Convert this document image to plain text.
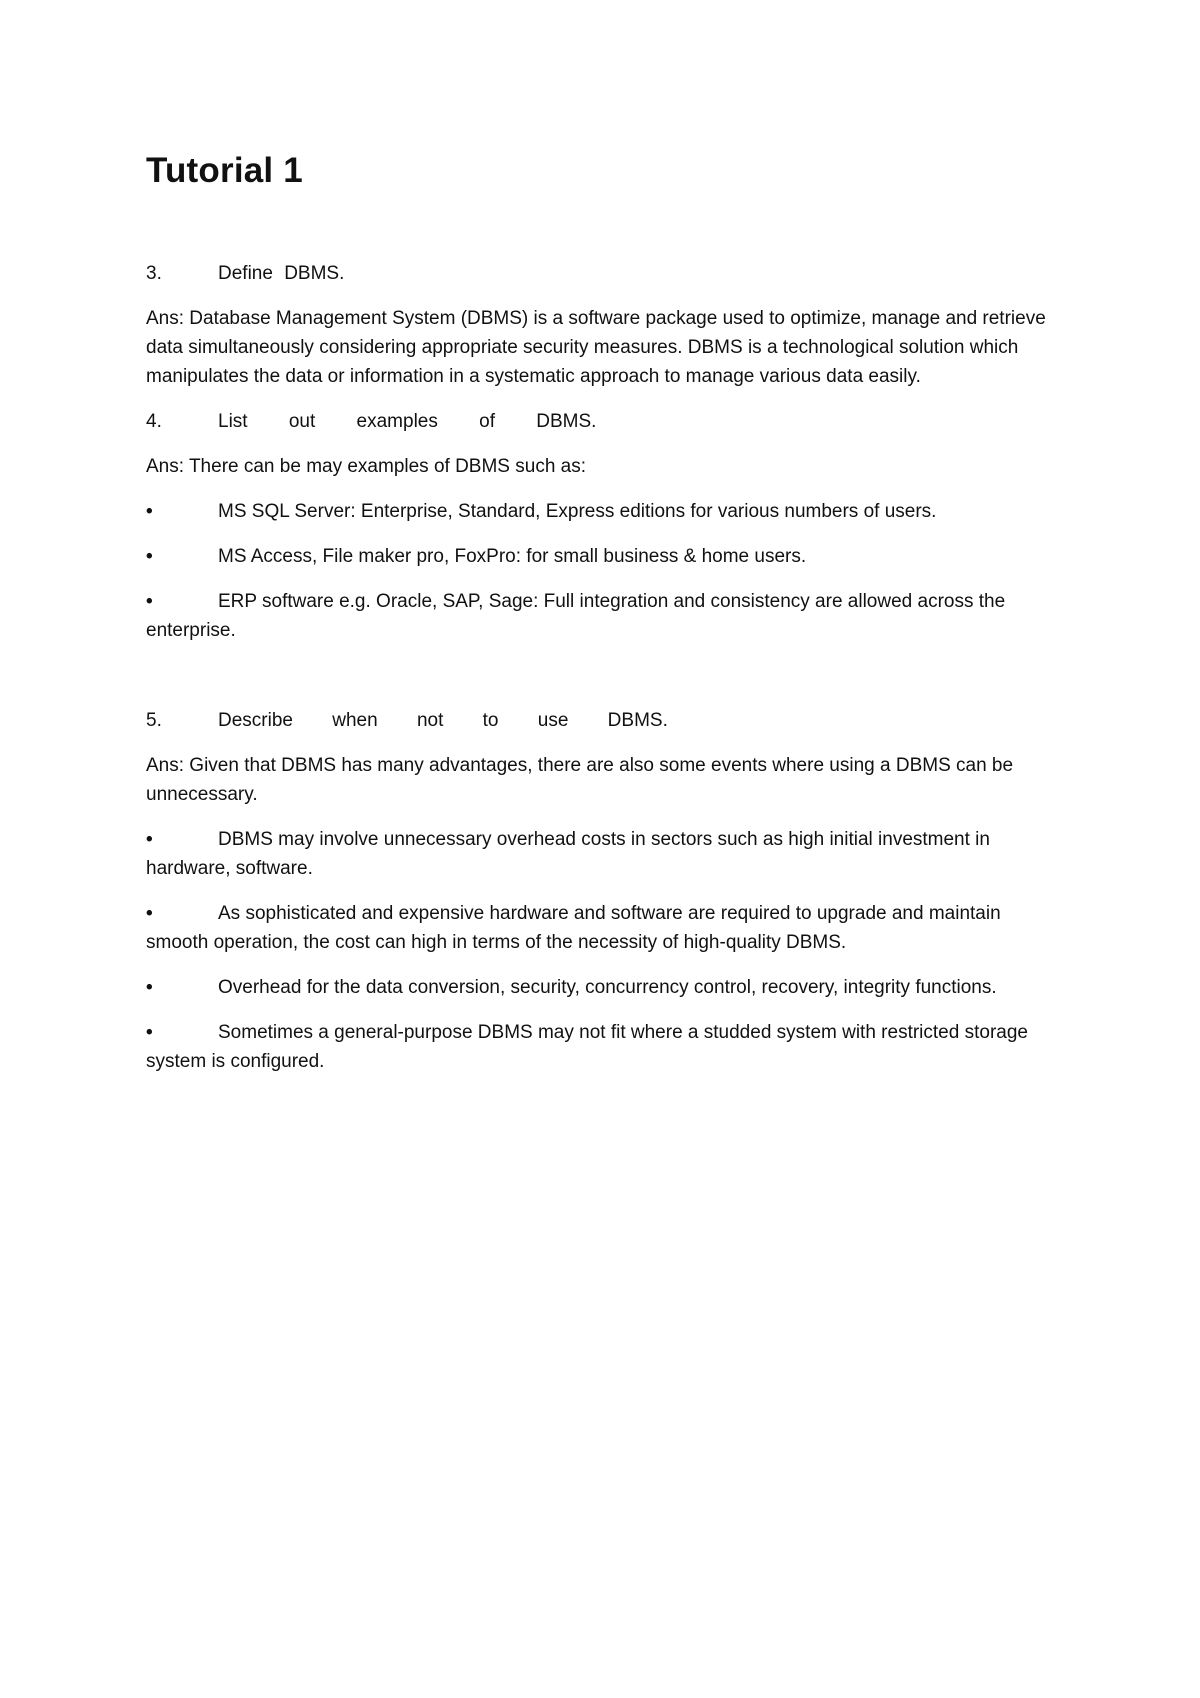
Tutorial 1
3.	Define DBMS.
Ans: Database Management System (DBMS) is a software package used to optimize, manage and retrieve data simultaneously considering appropriate security measures. DBMS is a technological solution which manipulates the data or information in a systematic approach to manage various data easily.
4.	List out examples of DBMS.
Ans: There can be may examples of DBMS such as:
•	MS SQL Server: Enterprise, Standard, Express editions for various numbers of users.
•	MS Access, File maker pro, FoxPro: for small business & home users.
•	ERP software e.g. Oracle, SAP, Sage: Full integration and consistency are allowed across the enterprise.
5.	Describe when not to use DBMS.
Ans: Given that DBMS has many advantages, there are also some events where using a DBMS can be unnecessary.
•	DBMS may involve unnecessary overhead costs in sectors such as high initial investment in hardware, software.
•	As sophisticated and expensive hardware and software are required to upgrade and maintain smooth operation, the cost can high in terms of the necessity of high-quality DBMS.
•	Overhead for the data conversion, security, concurrency control, recovery, integrity functions.
•	Sometimes a general-purpose DBMS may not fit where a studded system with restricted storage system is configured.
